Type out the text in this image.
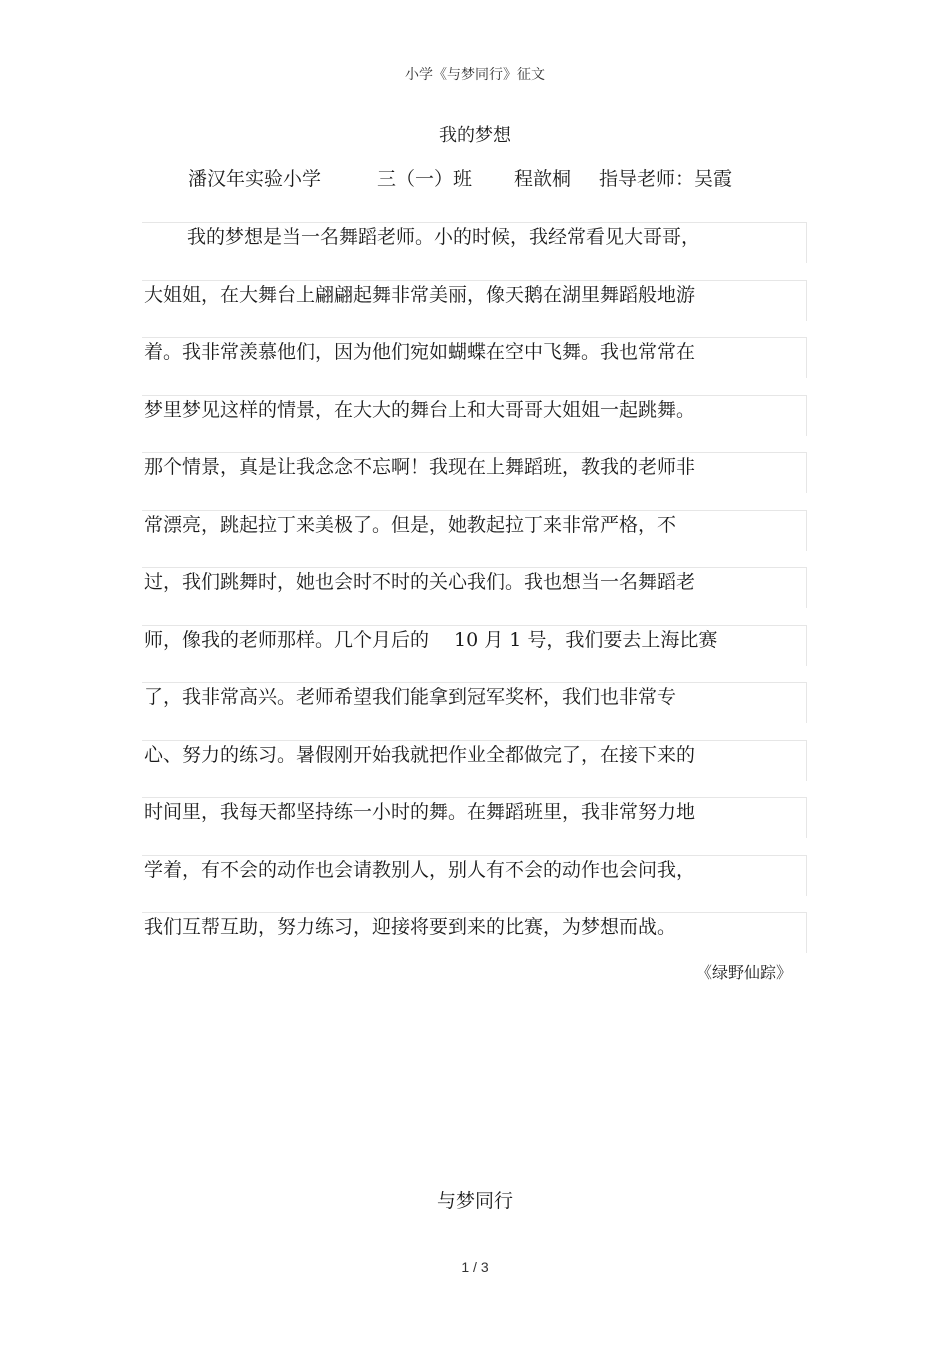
小学《与梦同行》征文
我的梦想
潘汉年实验小学	三（一）班 程歆桐 指导老师：吴霞
我的梦想是当一名舞蹈老师。小的时候，我经常看见大哥哥，
大姐姐，在大舞台上翩翩起舞非常美丽，像天鹅在湖里舞蹈般地游
着。我非常羡慕他们，因为他们宛如蝴蝶在空中飞舞。我也常常在
梦里梦见这样的情景，在大大的舞台上和大哥哥大姐姐一起跳舞。
那个情景，真是让我念念不忘啊！我现在上舞蹈班，教我的老师非
常漂亮，跳起拉丁来美极了。但是，她教起拉丁来非常严格，不
过，我们跳舞时，她也会时不时的关心我们。我也想当一名舞蹈老
师，像我的老师那样。几个月后的　 10 月 1 号，我们要去上海比赛
了，我非常高兴。老师希望我们能拿到冠军奖杯，我们也非常专
心、努力的练习。暑假刚开始我就把作业全都做完了，在接下来的
时间里，我每天都坚持练一小时的舞。在舞蹈班里，我非常努力地
学着，有不会的动作也会请教别人，别人有不会的动作也会问我，
我们互帮互助，努力练习，迎接将要到来的比赛，为梦想而战。
《绿野仙踪》
与梦同行
1 / 3
